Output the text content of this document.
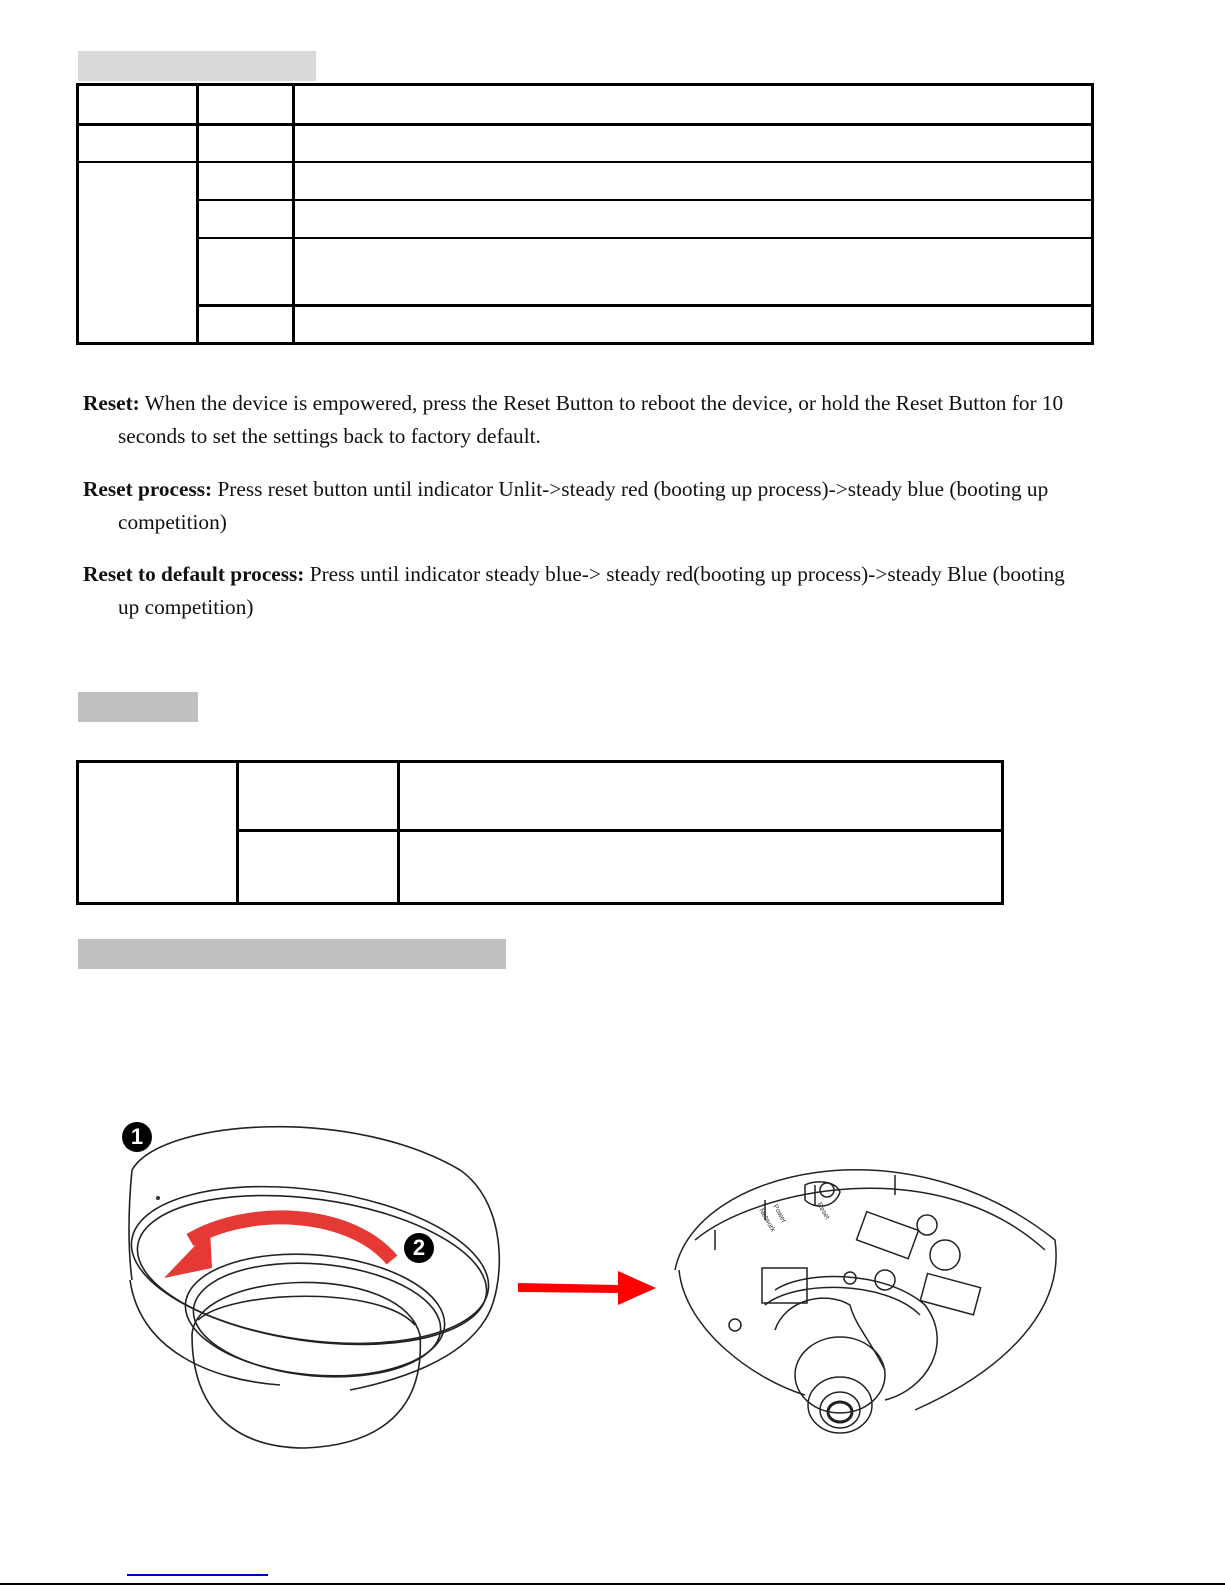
Reset: When the device is empowered, press the Reset Button to reboot the device, or hold the Reset Button for 10
seconds to set the settings back to factory default.
Reset process: Press reset button until indicator Unlit->steady red (booting up process)->steady blue (booting up
competition)
Reset to default process: Press until indicator steady blue-> steady red(booting up process)->steady Blue (booting
up competition)
1
2
Reset
Power
Network
